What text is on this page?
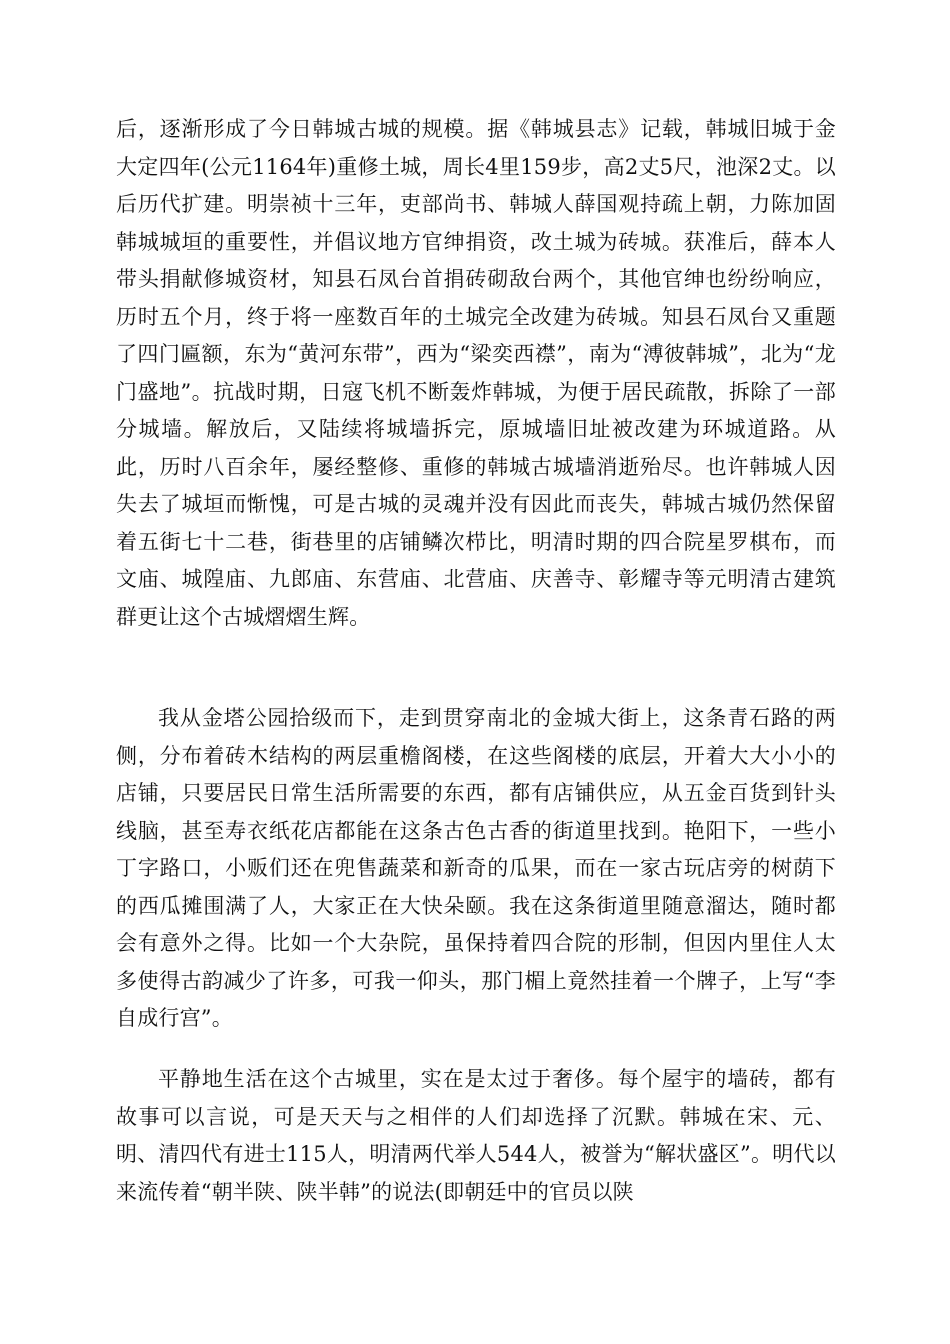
后，逐渐形成了今日韩城古城的规模。据《韩城县志》记载，韩城旧城于金大定四年(公元1164年)重修土城，周长4里159步，高2丈5尺，池深2丈。以后历代扩建。明崇祯十三年，吏部尚书、韩城人薛国观持疏上朝，力陈加固韩城城垣的重要性，并倡议地方官绅捐资，改土城为砖城。获准后，薛本人带头捐献修城资材，知县石凤台首捐砖砌敌台两个，其他官绅也纷纷响应，历时五个月，终于将一座数百年的土城完全改建为砖城。知县石凤台又重题了四门匾额，东为“黄河东带”，西为“梁奕西襟”，南为“溥彼韩城”，北为“龙门盛地”。抗战时期，日寇飞机不断轰炸韩城，为便于居民疏散，拆除了一部分城墙。解放后，又陆续将城墙拆完，原城墙旧址被改建为环城道路。从此，历时八百余年，屡经整修、重修的韩城古城墙消逝殆尽。也许韩城人因失去了城垣而惭愧，可是古城的灵魂并没有因此而丧失，韩城古城仍然保留着五街七十二巷，街巷里的店铺鳞次栉比，明清时期的四合院星罗棋布，而文庙、城隍庙、九郎庙、东营庙、北营庙、庆善寺、彰耀寺等元明清古建筑群更让这个古城熠熠生辉。

我从金塔公园拾级而下，走到贯穿南北的金城大街上，这条青石路的两侧，分布着砖木结构的两层重檐阁楼，在这些阁楼的底层，开着大大小小的店铺，只要居民日常生活所需要的东西，都有店铺供应，从五金百货到针头线脑，甚至寿衣纸花店都能在这条古色古香的街道里找到。艳阳下，一些小丁字路口，小贩们还在兜售蔬菜和新奇的瓜果，而在一家古玩店旁的树荫下的西瓜摊围满了人，大家正在大快朵颐。我在这条街道里随意溜达，随时都会有意外之得。比如一个大杂院，虽保持着四合院的形制，但因内里住人太多使得古韵减少了许多，可我一仰头，那门楣上竟然挂着一个牌子，上写“李自成行宫”。

平静地生活在这个古城里，实在是太过于奢侈。每个屋宇的墙砖，都有故事可以言说，可是天天与之相伴的人们却选择了沉默。韩城在宋、元、明、清四代有进士115人，明清两代举人544人，被誉为“解状盛区”。明代以来流传着“朝半陕、陕半韩”的说法(即朝廷中的官员以陕
